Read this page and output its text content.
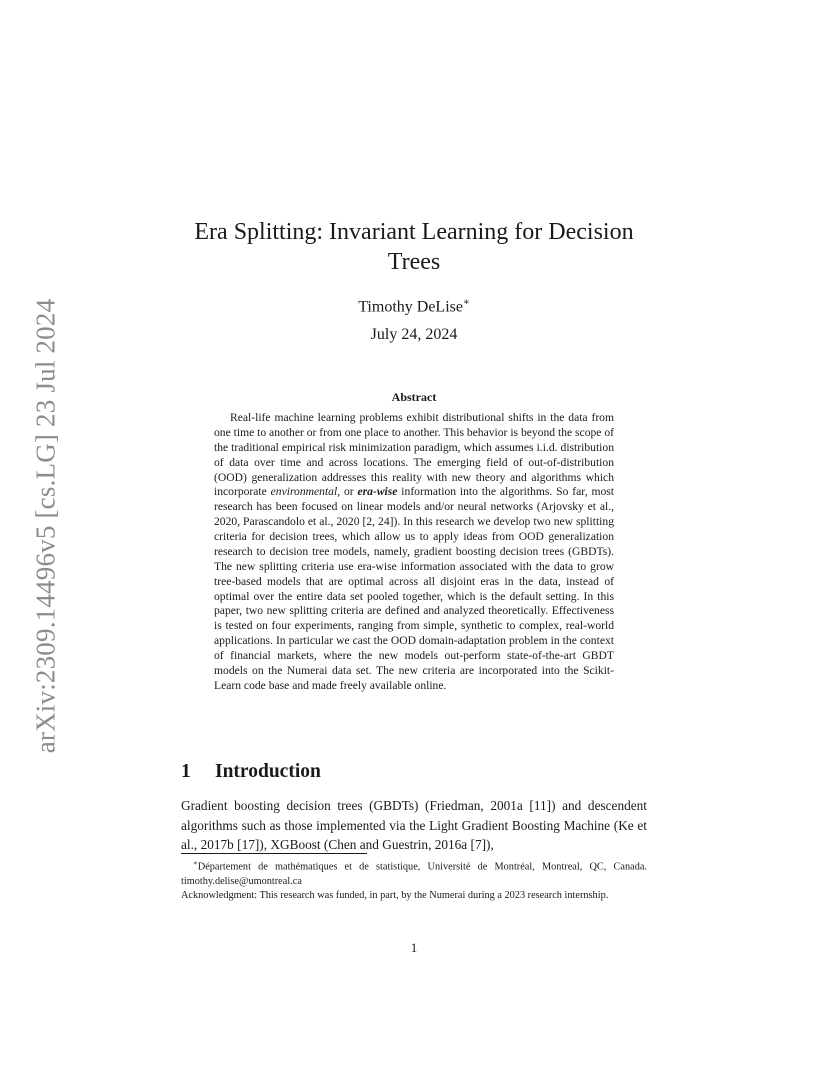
arXiv:2309.14496v5 [cs.LG] 23 Jul 2024
Era Splitting: Invariant Learning for Decision Trees
Timothy DeLise∗
July 24, 2024
Abstract

Real-life machine learning problems exhibit distributional shifts in the data from one time to another or from one place to another. This behavior is beyond the scope of the traditional empirical risk minimization paradigm, which assumes i.i.d. distribution of data over time and across locations. The emerging field of out-of-distribution (OOD) generalization addresses this reality with new theory and algorithms which incorporate environmental, or era-wise information into the algorithms. So far, most research has been focused on linear models and/or neural networks (Arjovsky et al., 2020, Parascandolo et al., 2020 [2, 24]). In this research we develop two new splitting criteria for decision trees, which allow us to apply ideas from OOD generalization research to decision tree models, namely, gradient boosting decision trees (GBDTs). The new splitting criteria use era-wise information associated with the data to grow tree-based models that are optimal across all disjoint eras in the data, instead of optimal over the entire data set pooled together, which is the default setting. In this paper, two new splitting criteria are defined and analyzed theoretically. Effectiveness is tested on four experiments, ranging from simple, synthetic to complex, real-world applications. In particular we cast the OOD domain-adaptation problem in the context of financial markets, where the new models out-perform state-of-the-art GBDT models on the Numerai data set. The new criteria are incorporated into the Scikit-Learn code base and made freely available online.

1 Introduction

Gradient boosting decision trees (GBDTs) (Friedman, 2001a [11]) and descendent algorithms such as those implemented via the Light Gradient Boosting Machine (Ke et al., 2017b [17]), XGBoost (Chen and Guestrin, 2016a [7]),

∗Département de mathématiques et de statistique, Université de Montréal, Montreal, QC, Canada. timothy.delise@umontreal.ca

Acknowledgment: This research was funded, in part, by the Numerai during a 2023 research internship.

1
